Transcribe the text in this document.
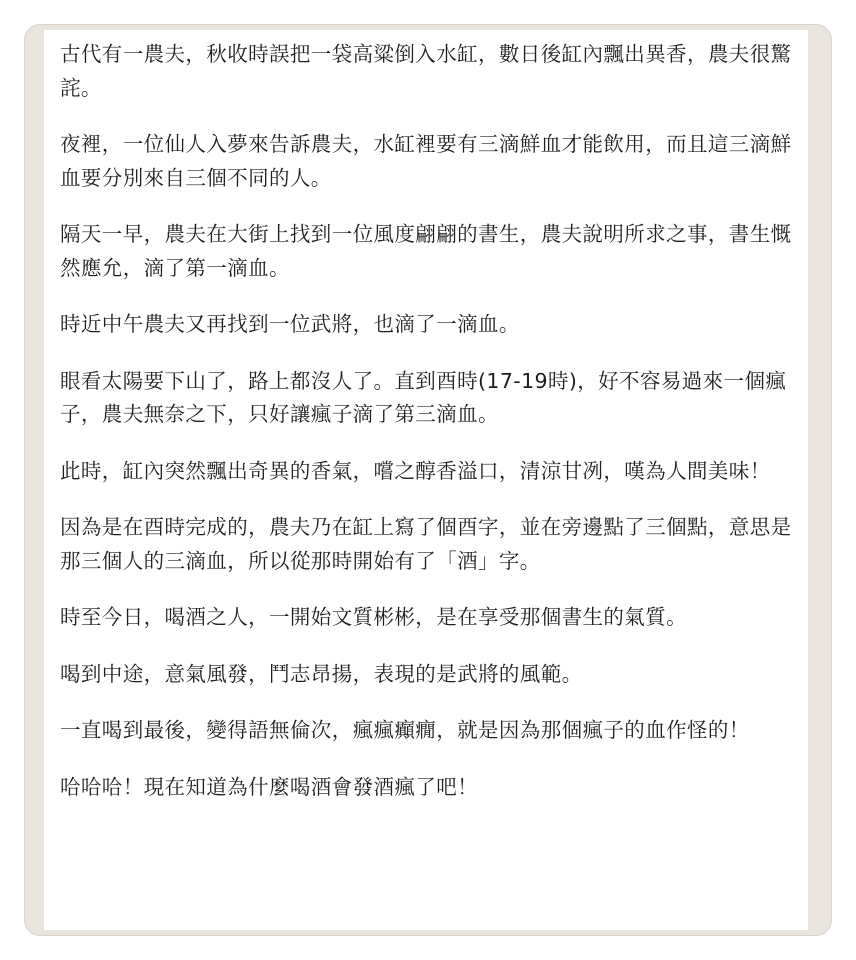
古代有一農夫，秋收時誤把一袋高粱倒入水缸，數日後缸內飄出異香，農夫很驚詫。

夜裡，一位仙人入夢來告訴農夫，水缸裡要有三滴鮮血才能飲用，而且這三滴鮮血要分別來自三個不同的人。

隔天一早，農夫在大街上找到一位風度翩翩的書生，農夫說明所求之事，書生慨然應允，滴了第一滴血。

時近中午農夫又再找到一位武將，也滴了一滴血。

眼看太陽要下山了，路上都沒人了。直到酉時(17-19時)，好不容易過來一個瘋子，農夫無奈之下，只好讓瘋子滴了第三滴血。

此時，缸內突然飄出奇異的香氣，嚐之醇香溢口，清涼甘冽，嘆為人間美味！

因為是在酉時完成的，農夫乃在缸上寫了個酉字，並在旁邊點了三個點，意思是那三個人的三滴血，所以從那時開始有了「酒」字。

時至今日，喝酒之人，一開始文質彬彬，是在享受那個書生的氣質。

喝到中途，意氣風發，鬥志昂揚，表現的是武將的風範。

一直喝到最後，變得語無倫次，瘋瘋癲癇，就是因為那個瘋子的血作怪的！

哈哈哈！現在知道為什麼喝酒會發酒瘋了吧！
